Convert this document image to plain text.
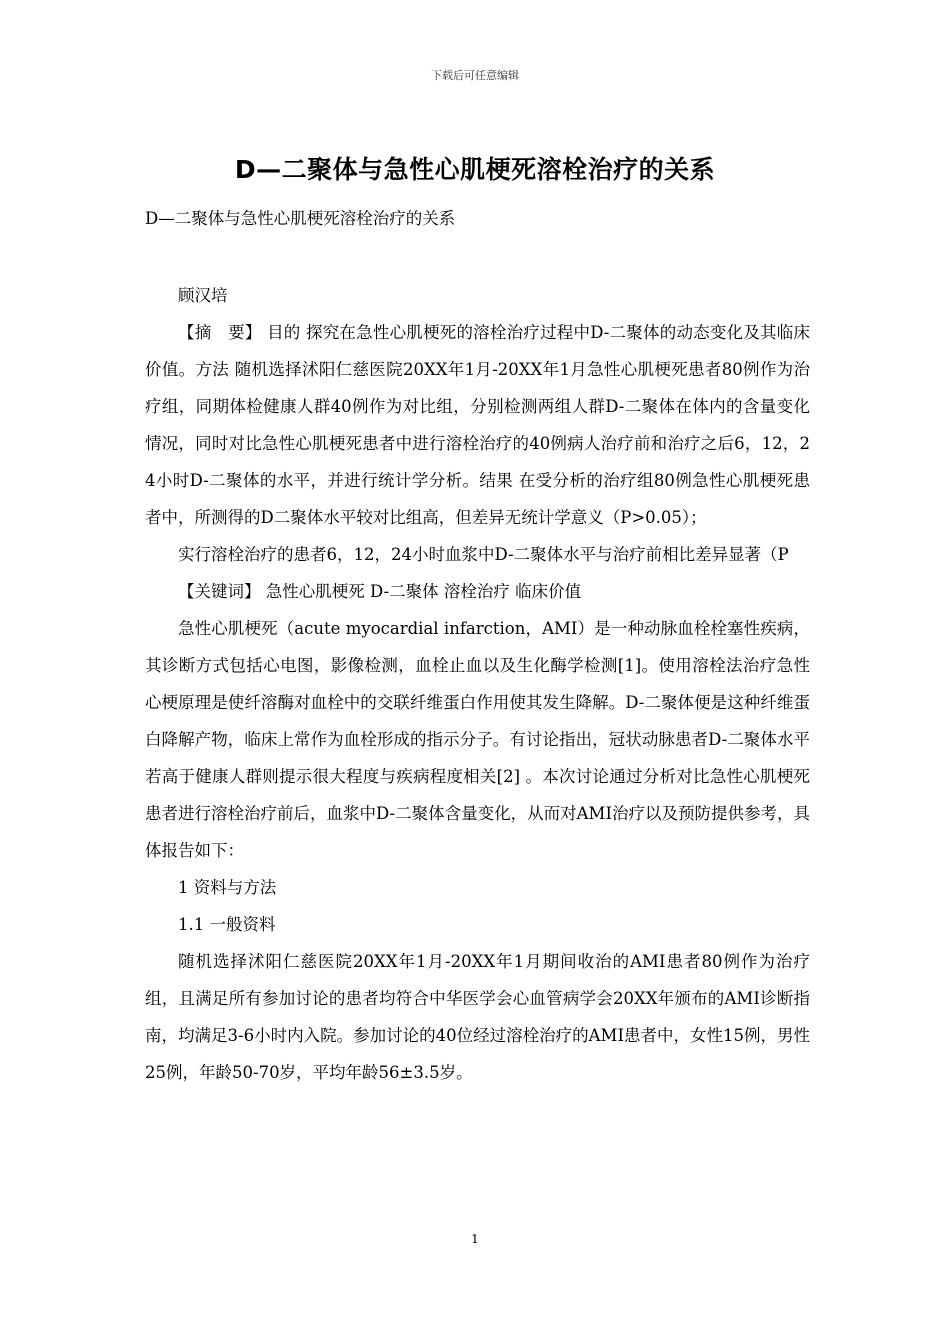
下载后可任意编辑
D—二聚体与急性心肌梗死溶栓治疗的关系

D—二聚体与急性心肌梗死溶栓治疗的关系

顾汉培

【摘　要】 目的 探究在急性心肌梗死的溶栓治疗过程中D-二聚体的动态变化及其临床价值。方法 随机选择沭阳仁慈医院20XX年1月-20XX年1月急性心肌梗死患者80例作为治疗组，同期体检健康人群40例作为对比组，分别检测两组人群D-二聚体在体内的含量变化情况，同时对比急性心肌梗死患者中进行溶栓治疗的40例病人治疗前和治疗之后6，12，24小时D-二聚体的水平，并进行统计学分析。结果 在受分析的治疗组80例急性心肌梗死患者中，所测得的D二聚体水平较对比组高，但差异无统计学意义（P>0.05）；

实行溶栓治疗的患者6，12，24小时血浆中D-二聚体水平与治疗前相比差异显著（P

【关键词】 急性心肌梗死 D-二聚体 溶栓治疗 临床价值

急性心肌梗死（acute myocardial infarction，AMI）是一种动脉血栓栓塞性疾病，其诊断方式包括心电图，影像检测，血栓止血以及生化酶学检测[1]。使用溶栓法治疗急性心梗原理是使纤溶酶对血栓中的交联纤维蛋白作用使其发生降解。D-二聚体便是这种纤维蛋白降解产物，临床上常作为血栓形成的指示分子。有讨论指出，冠状动脉患者D-二聚体水平若高于健康人群则提示很大程度与疾病程度相关[2] 。本次讨论通过分析对比急性心肌梗死患者进行溶栓治疗前后，血浆中D-二聚体含量变化，从而对AMI治疗以及预防提供参考，具体报告如下：

1 资料与方法

1.1 一般资料

随机选择沭阳仁慈医院20XX年1月-20XX年1月期间收治的AMI患者80例作为治疗组，且满足所有参加讨论的患者均符合中华医学会心血管病学会20XX年颁布的AMI诊断指南，均满足3-6小时内入院。参加讨论的40位经过溶栓治疗的AMI患者中，女性15例，男性25例，年龄50-70岁，平均年龄56±3.5岁。

1
